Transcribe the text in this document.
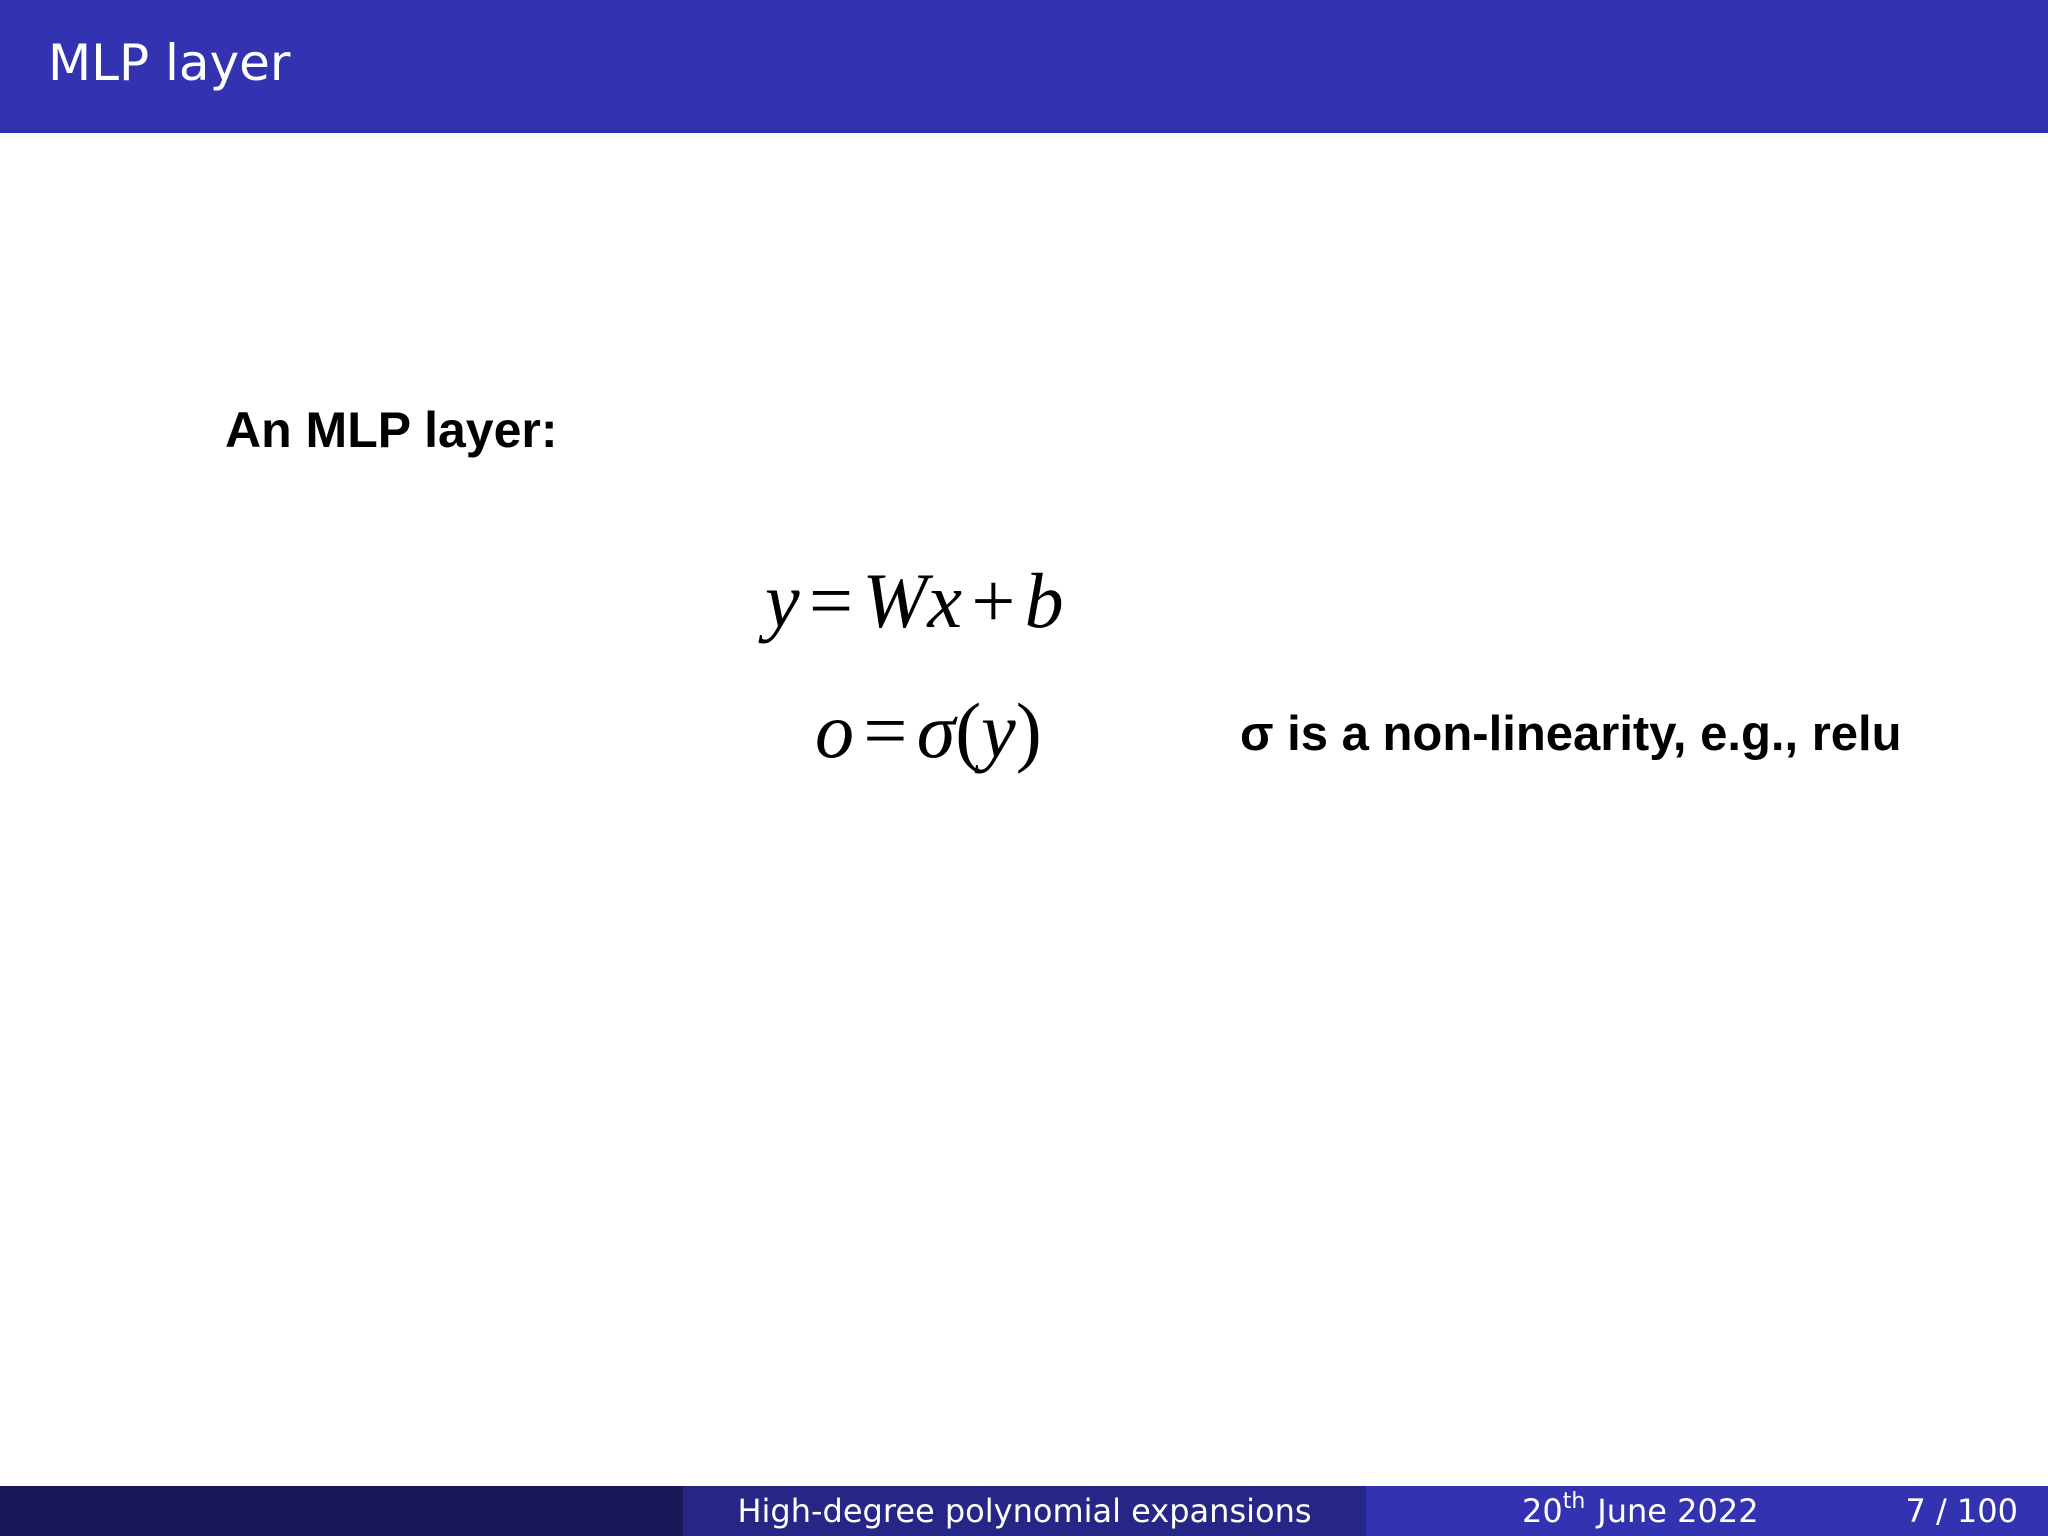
MLP layer
An MLP layer:
y = Wx + b
o = σ(y)	σ is a non-linearity, e.g., relu
High-degree polynomial expansions	20th June 2022	7 / 100
